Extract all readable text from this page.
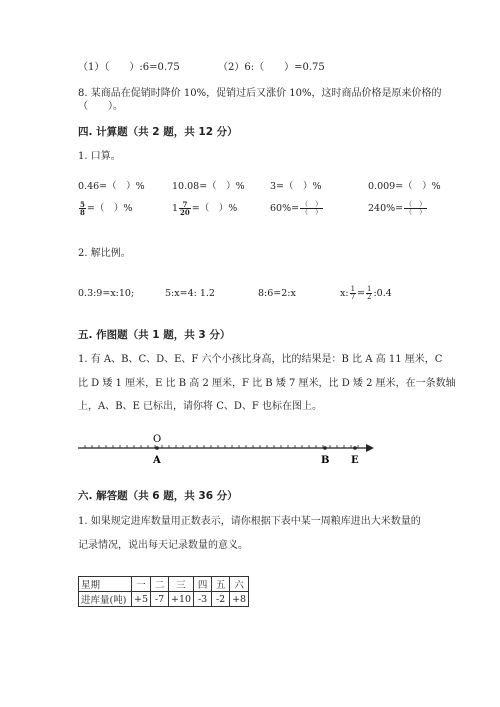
（1）（　　）:6=0.75	（2）6:（　　）=0.75
8. 某商品在促销时降价 10%，促销过后又涨价 10%，这时商品价格是原来价格的
（　　）。
四. 计算题（共 2 题，共 12 分）
1. 口算。
0.46=（　）%	10.08=（　）%	3=（　）%	0.009=（　）%
$\frac{5}{8}$ =（　）%	$1 \frac{7}{20}$ =（　）%	$60\%= \frac{( )}{( )}$	$240\%= \frac{( )}{( )}$
2. 解比例。
0.3:9=x:10;	5:x=4: 1.2	8:6=2:x	x: $\frac{1}{7} = \frac{1}{2}$ :0.4
五. 作图题（共 1 题，共 3 分）
1. 有 A、B、C、D、E、F 六个小孩比身高，比的结果是：B 比 A 高 11 厘米，C
比 D 矮 1 厘米，E 比 B 高 2 厘米，F 比 B 矮 7 厘米，比 D 矮 2 厘米，在一条数轴
上，A、B、E 已标出，请你将 C、D、F 也标在图上。
O
A	B E
六. 解答题（共 6 题，共 36 分）
1. 如果规定进库数量用正数表示，请你根据下表中某一周粮库进出大米数量的
记录情况，说出每天记录数量的意义。
星期	一	二	三	四	五	六
进库量(吨)	+5	-7	+10	-3	-2	+8
